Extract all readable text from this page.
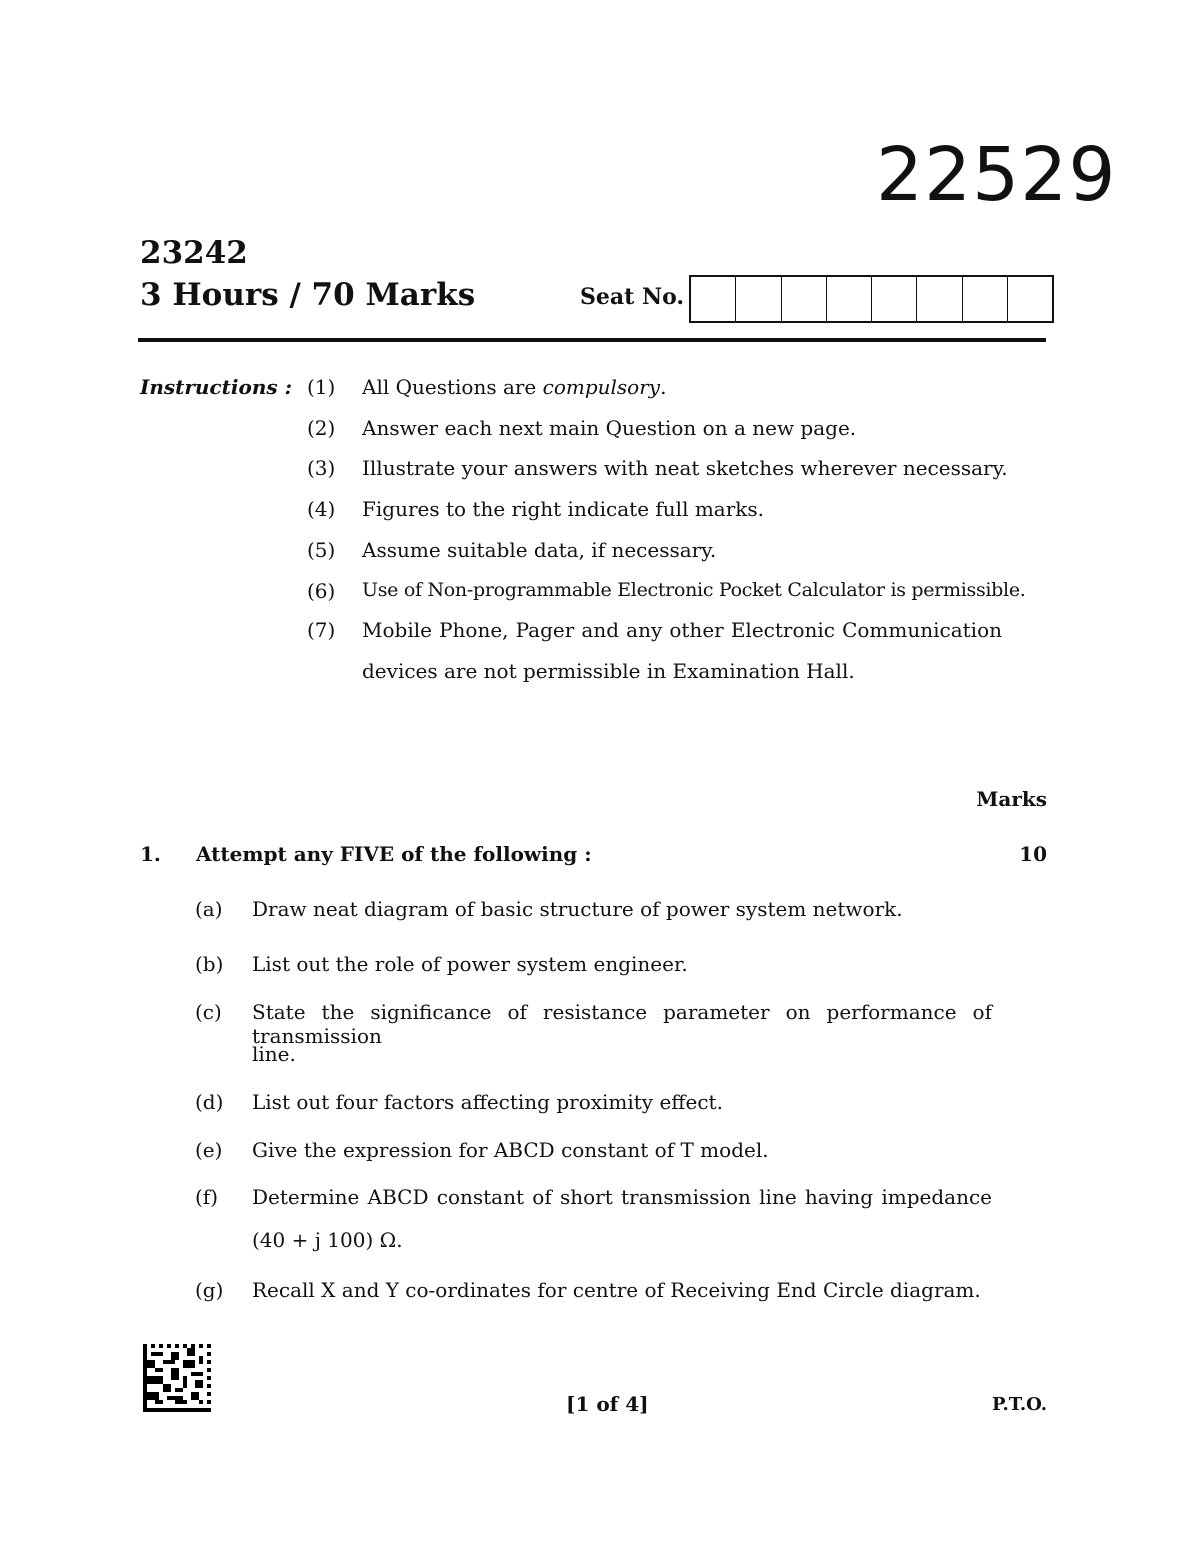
22529
23242
3 Hours / 70 Marks	Seat No.
Instructions : (1) All Questions are compulsory.
(2) Answer each next main Question on a new page.
(3) Illustrate your answers with neat sketches wherever necessary.
(4) Figures to the right indicate full marks.
(5) Assume suitable data, if necessary.
(6) Use of Non-programmable Electronic Pocket Calculator is permissible.
(7) Mobile Phone, Pager and any other Electronic Communication
devices are not permissible in Examination Hall.
Marks
1. Attempt any FIVE of the following :	10
(a) Draw neat diagram of basic structure of power system network.
(b) List out the role of power system engineer.
(c) State the significance of resistance parameter on performance of transmission
line.
(d) List out four factors affecting proximity effect.
(e) Give the expression for ABCD constant of T model.
(f) Determine ABCD constant of short transmission line having impedance
(40 + j 100) Ω.
(g) Recall X and Y co-ordinates for centre of Receiving End Circle diagram.
[1 of 4]	P.T.O.
